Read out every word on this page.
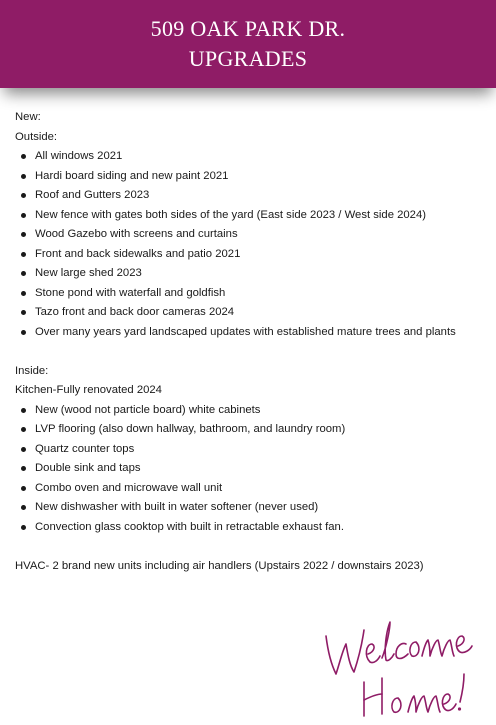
509 OAK PARK DR.
UPGRADES

New:

Outside:

All windows 2021
Hardi board siding and new paint 2021
Roof and Gutters 2023
New fence with gates both sides of the yard (East side 2023 / West side 2024)
Wood Gazebo with screens and curtains
Front and back sidewalks and patio 2021
New large shed 2023
Stone pond with waterfall and goldfish
Tazo front and back door cameras 2024
Over many years yard landscaped updates with established mature trees and plants

Inside:

Kitchen-Fully renovated 2024

New (wood not particle board) white cabinets
LVP flooring (also down hallway, bathroom, and laundry room)
Quartz counter tops
Double sink and taps
Combo oven and microwave wall unit
New dishwasher with built in water softener (never used)
Convection glass cooktop with built in retractable exhaust fan.

HVAC- 2 brand new units including air handlers (Upstairs 2022 / downstairs 2023)
